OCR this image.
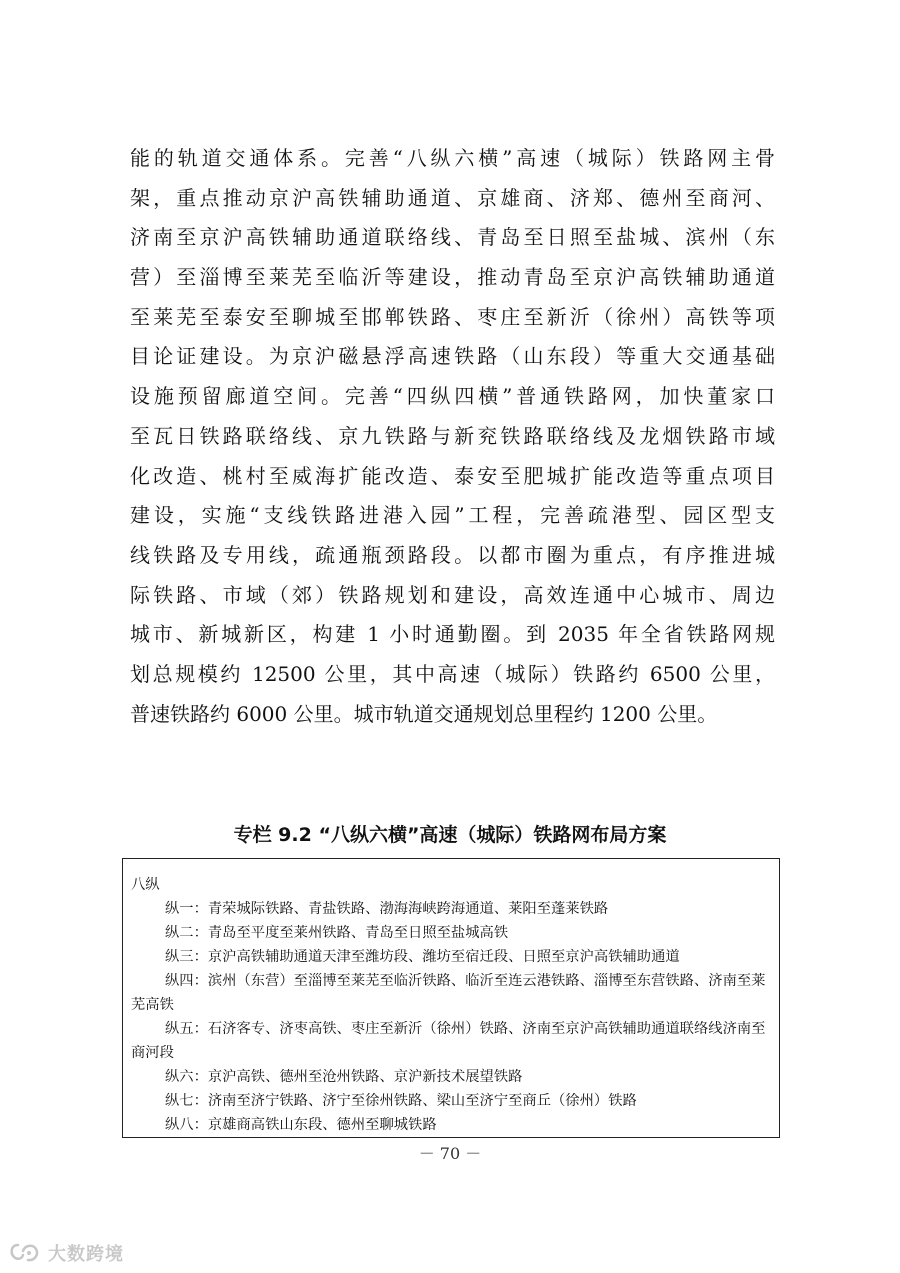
能的轨道交通体系。完善“八纵六横”高速（城际）铁路网主骨
架，重点推动京沪高铁辅助通道、京雄商、济郑、德州至商河、
济南至京沪高铁辅助通道联络线、青岛至日照至盐城、滨州（东
营）至淄博至莱芜至临沂等建设，推动青岛至京沪高铁辅助通道
至莱芜至泰安至聊城至邯郸铁路、枣庄至新沂（徐州）高铁等项
目论证建设。为京沪磁悬浮高速铁路（山东段）等重大交通基础
设施预留廊道空间。完善“四纵四横”普通铁路网，加快董家口
至瓦日铁路联络线、京九铁路与新兖铁路联络线及龙烟铁路市域
化改造、桃村至威海扩能改造、泰安至肥城扩能改造等重点项目
建设，实施“支线铁路进港入园”工程，完善疏港型、园区型支
线铁路及专用线，疏通瓶颈路段。以都市圈为重点，有序推进城
际铁路、市域（郊）铁路规划和建设，高效连通中心城市、周边
城市、新城新区，构建 1 小时通勤圈。到 2035 年全省铁路网规
划总规模约 12500 公里，其中高速（城际）铁路约 6500 公里，
普速铁路约 6000 公里。城市轨道交通规划总里程约 1200 公里。
专栏 9.2 “八纵六横”高速（城际）铁路网布局方案

八纵

纵一：青荣城际铁路、青盐铁路、渤海海峡跨海通道、莱阳至蓬莱铁路

纵二：青岛至平度至莱州铁路、青岛至日照至盐城高铁

纵三：京沪高铁辅助通道天津至潍坊段、潍坊至宿迁段、日照至京沪高铁辅助通道

纵四：滨州（东营）至淄博至莱芜至临沂铁路、临沂至连云港铁路、淄博至东营铁路、济南至莱芜高铁

纵五：石济客专、济枣高铁、枣庄至新沂（徐州）铁路、济南至京沪高铁辅助通道联络线济南至商河段

纵六：京沪高铁、德州至沧州铁路、京沪新技术展望铁路

纵七：济南至济宁铁路、济宁至徐州铁路、梁山至济宁至商丘（徐州）铁路

纵八：京雄商高铁山东段、德州至聊城铁路

－ 70 －
大数跨境
